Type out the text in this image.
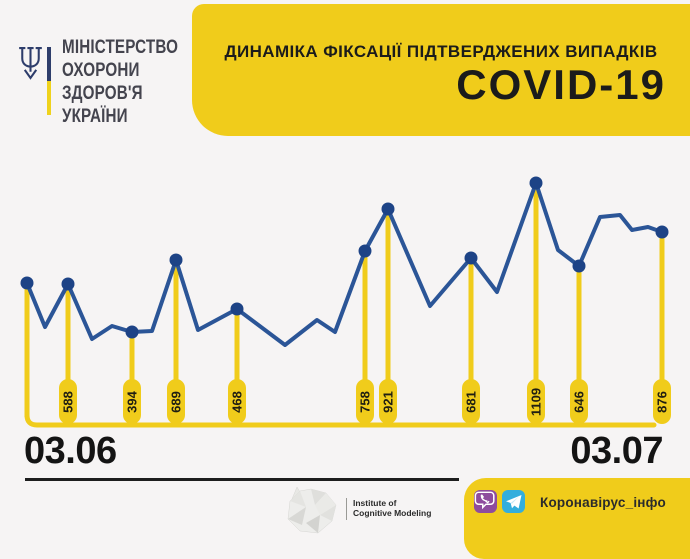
МІНІСТЕРСТВО
ОХОРОНИ
ЗДОРОВ'Я
УКРАЇНИ
ДИНАМІКА ФІКСАЦІЇ ПІДТВЕРДЖЕНИХ ВИПАДКІВ
COVID-19
588	394 689	468	758 921	681	1109 646	876
03.06	03.07
Institute of
Cognitive Modeling
Коронавірус_інфо
